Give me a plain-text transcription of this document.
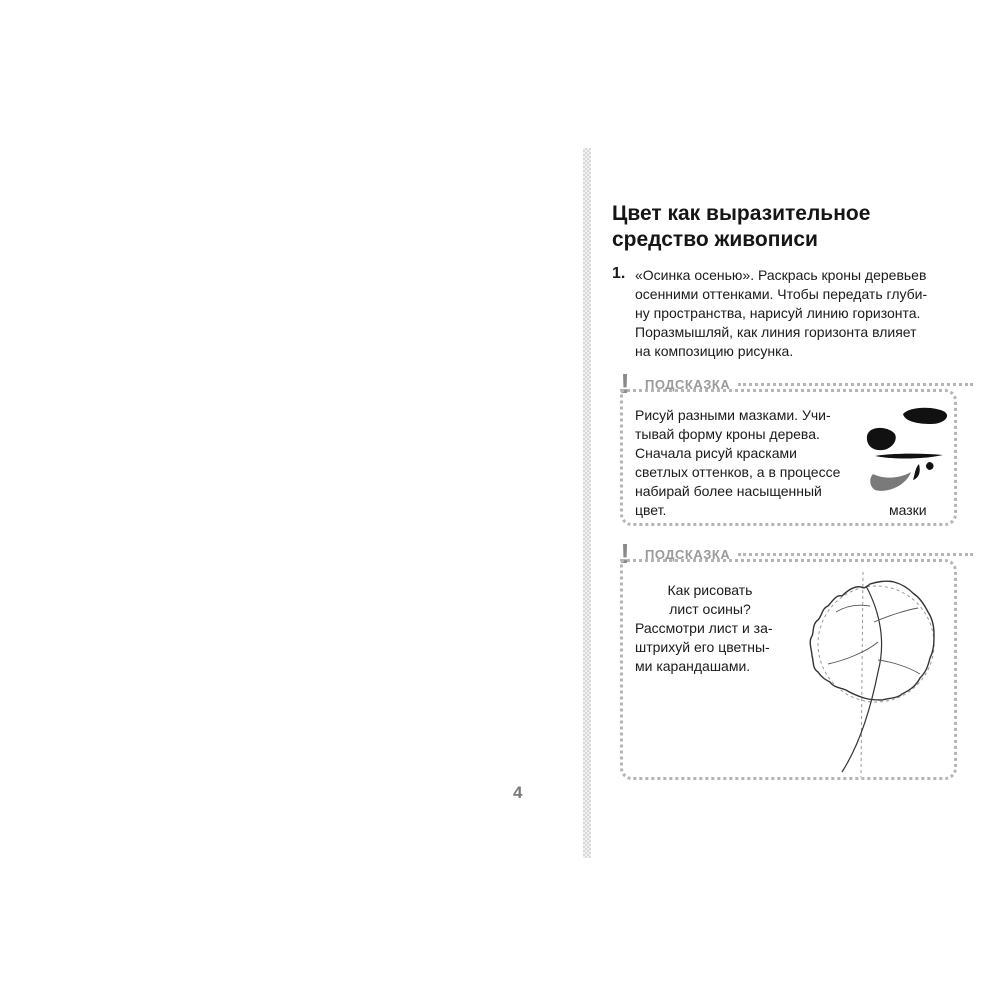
4
Цвет как выразительное
средство живописи
1. «Осинка осенью». Раскрась кроны деревьев
осенними оттенками. Чтобы передать глуби-
ну пространства, нарисуй линию горизонта.
Поразмышляй, как линия горизонта влияет
на композицию рисунка.
! ПОДСКАЗКА
Рисуй разными мазками. Учи-
тывай форму кроны дерева.
Сначала рисуй красками
светлых оттенков, а в процессе
набирай более насыщенный
цвет.	мазки
! ПОДСКАЗКА
Как рисовать
лист осины?
Рассмотри лист и за-
штрихуй его цветны-
ми карандашами.
